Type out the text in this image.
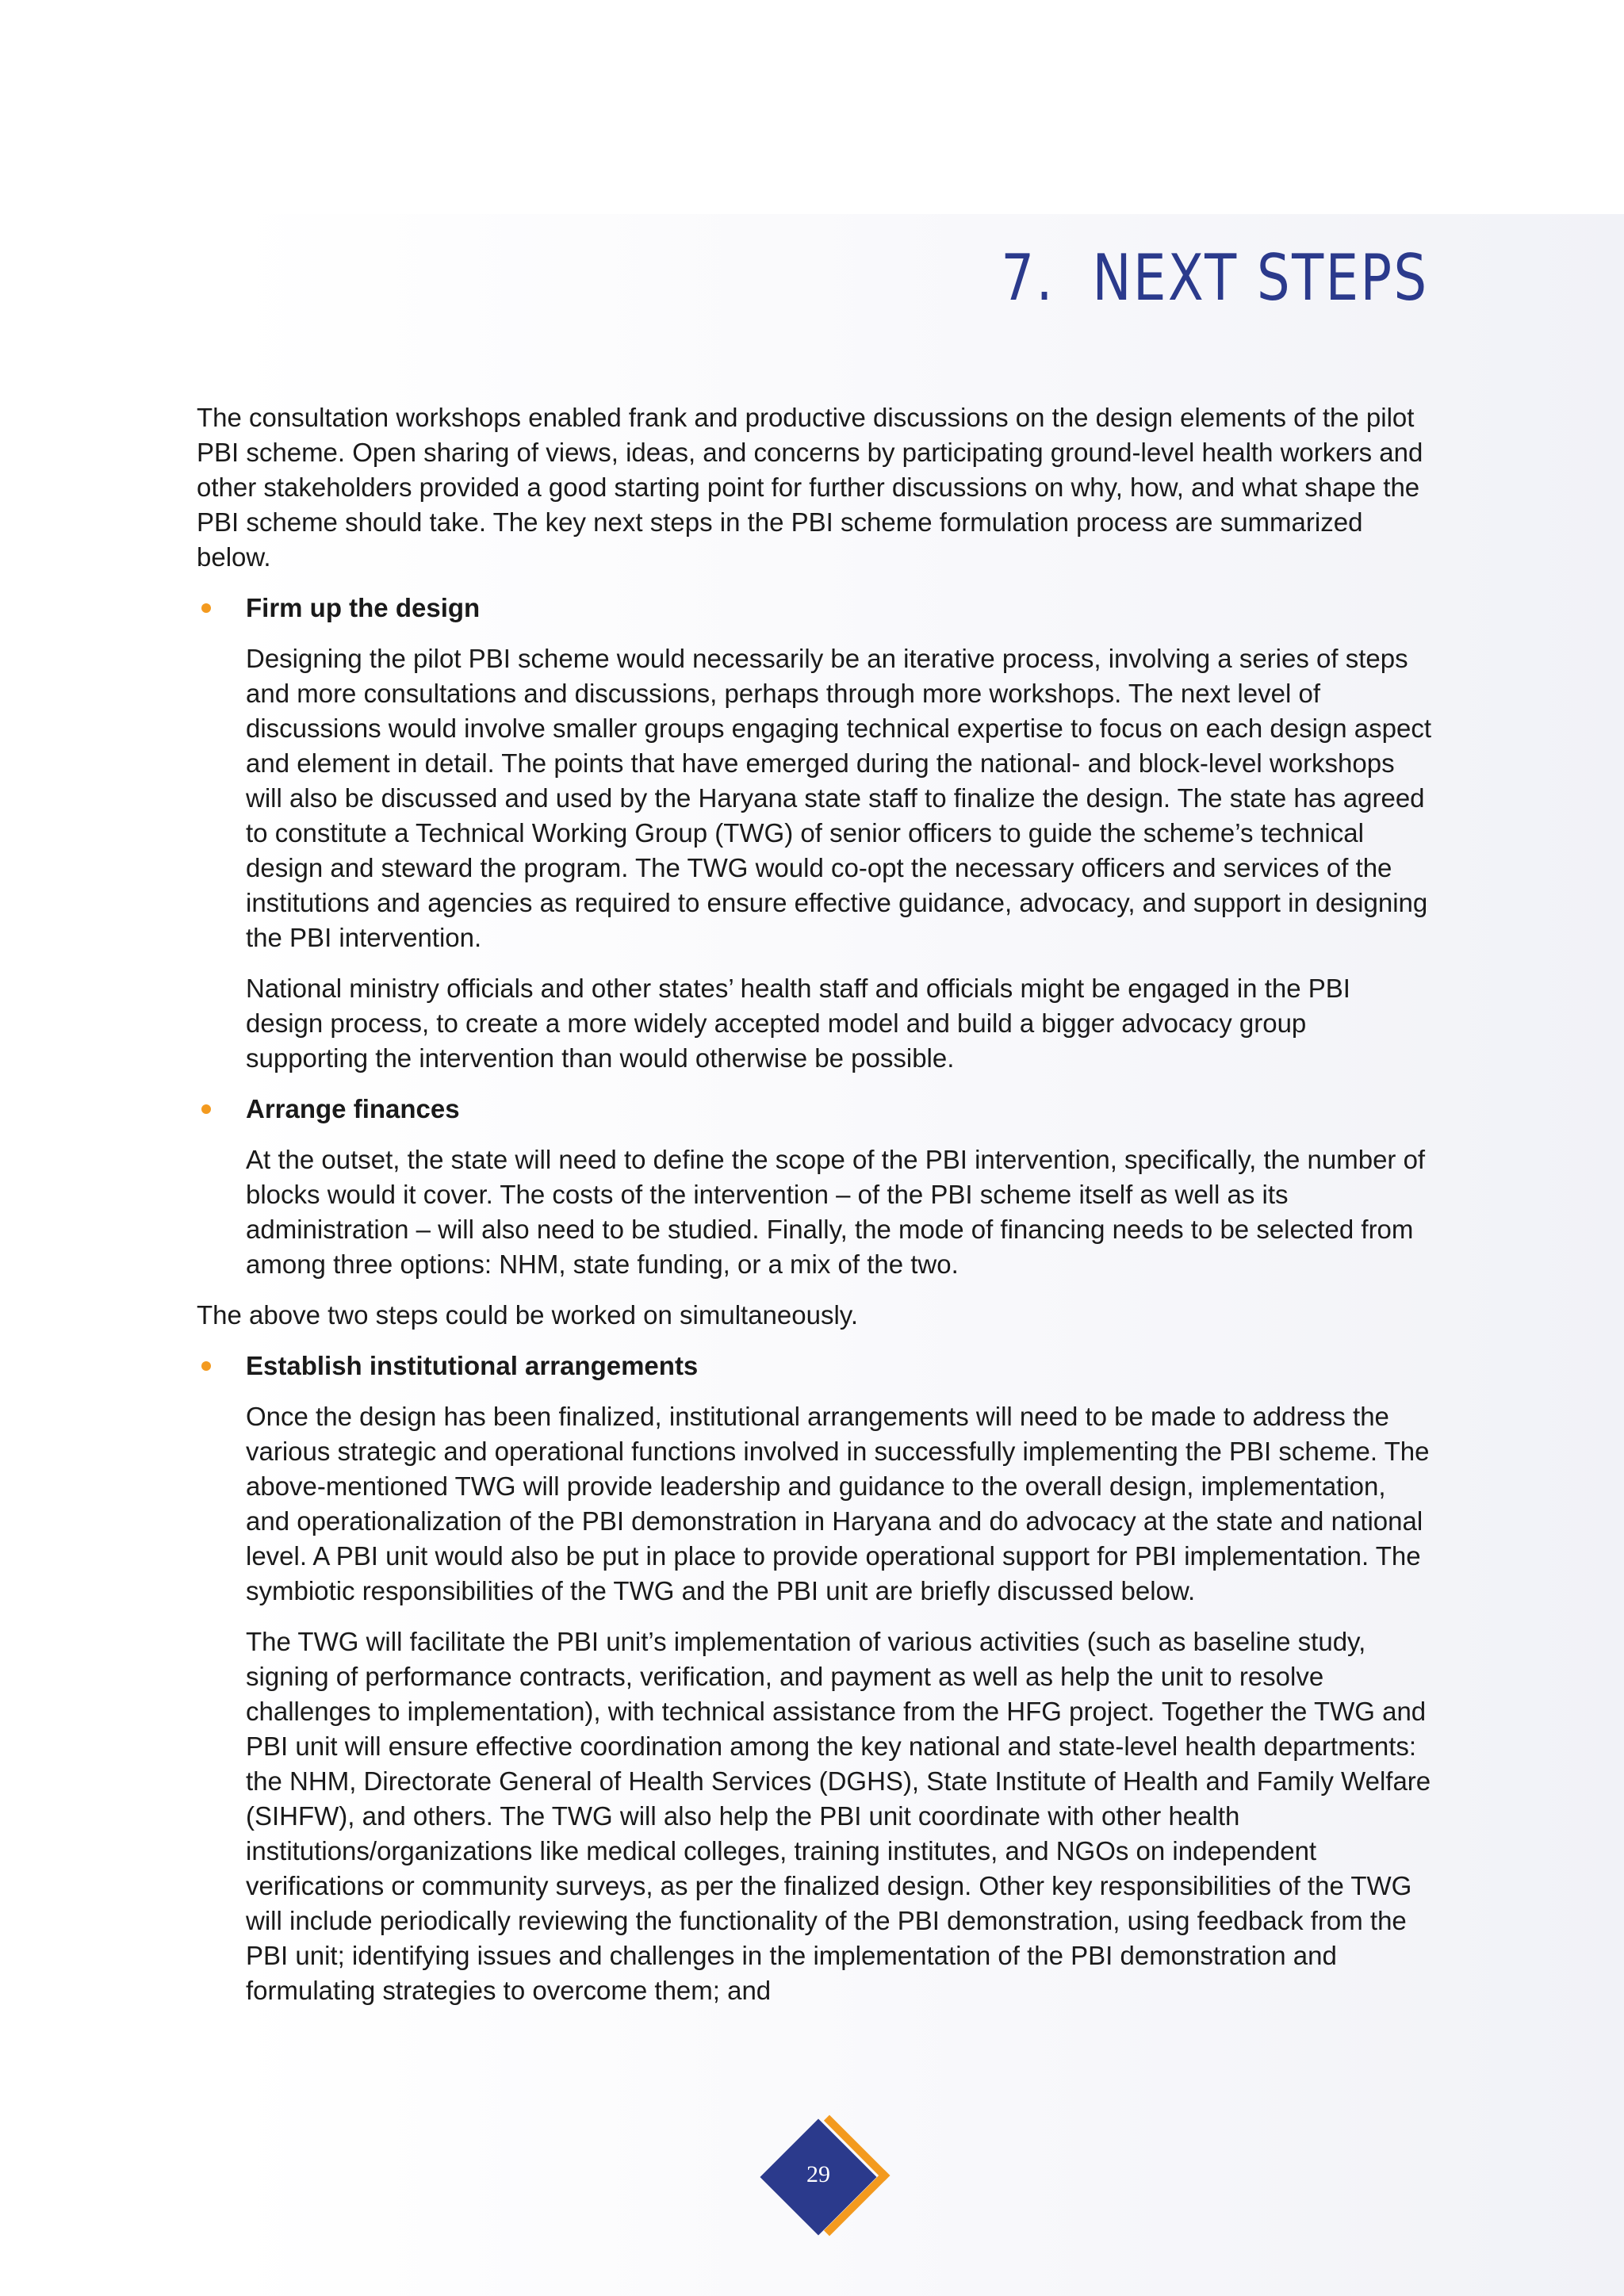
7. NEXT STEPS

The consultation workshops enabled frank and productive discussions on the design elements of the pilot PBI scheme. Open sharing of views, ideas, and concerns by participating ground-level health workers and other stakeholders provided a good starting point for further discussions on why, how, and what shape the PBI scheme should take. The key next steps in the PBI scheme formulation process are summarized below.

Firm up the design

Designing the pilot PBI scheme would necessarily be an iterative process, involving a series of steps and more consultations and discussions, perhaps through more workshops. The next level of discussions would involve smaller groups engaging technical expertise to focus on each design aspect and element in detail. The points that have emerged during the national- and block-level workshops will also be discussed and used by the Haryana state staff to finalize the design. The state has agreed to constitute a Technical Working Group (TWG) of senior officers to guide the scheme’s technical design and steward the program. The TWG would co-opt the necessary officers and services of the institutions and agencies as required to ensure effective guidance, advocacy, and support in designing the PBI intervention.

National ministry officials and other states’ health staff and officials might be engaged in the PBI design process, to create a more widely accepted model and build a bigger advocacy group supporting the intervention than would otherwise be possible.

Arrange finances

At the outset, the state will need to define the scope of the PBI intervention, specifically, the number of blocks would it cover. The costs of the intervention – of the PBI scheme itself as well as its administration – will also need to be studied. Finally, the mode of financing needs to be selected from among three options: NHM, state funding, or a mix of the two.

The above two steps could be worked on simultaneously.

Establish institutional arrangements

Once the design has been finalized, institutional arrangements will need to be made to address the various strategic and operational functions involved in successfully implementing the PBI scheme. The above-mentioned TWG will provide leadership and guidance to the overall design, implementation, and operationalization of the PBI demonstration in Haryana and do advocacy at the state and national level. A PBI unit would also be put in place to provide operational support for PBI implementation. The symbiotic responsibilities of the TWG and the PBI unit are briefly discussed below.

The TWG will facilitate the PBI unit’s implementation of various activities (such as baseline study, signing of performance contracts, verification, and payment as well as help the unit to resolve challenges to implementation), with technical assistance from the HFG project. Together the TWG and PBI unit will ensure effective coordination among the key national and state-level health departments: the NHM, Directorate General of Health Services (DGHS), State Institute of Health and Family Welfare (SIHFW), and others. The TWG will also help the PBI unit coordinate with other health institutions/organizations like medical colleges, training institutes, and NGOs on independent verifications or community surveys, as per the finalized design. Other key responsibilities of the TWG will include periodically reviewing the functionality of the PBI demonstration, using feedback from the PBI unit; identifying issues and challenges in the implementation of the PBI demonstration and formulating strategies to overcome them; and

29
